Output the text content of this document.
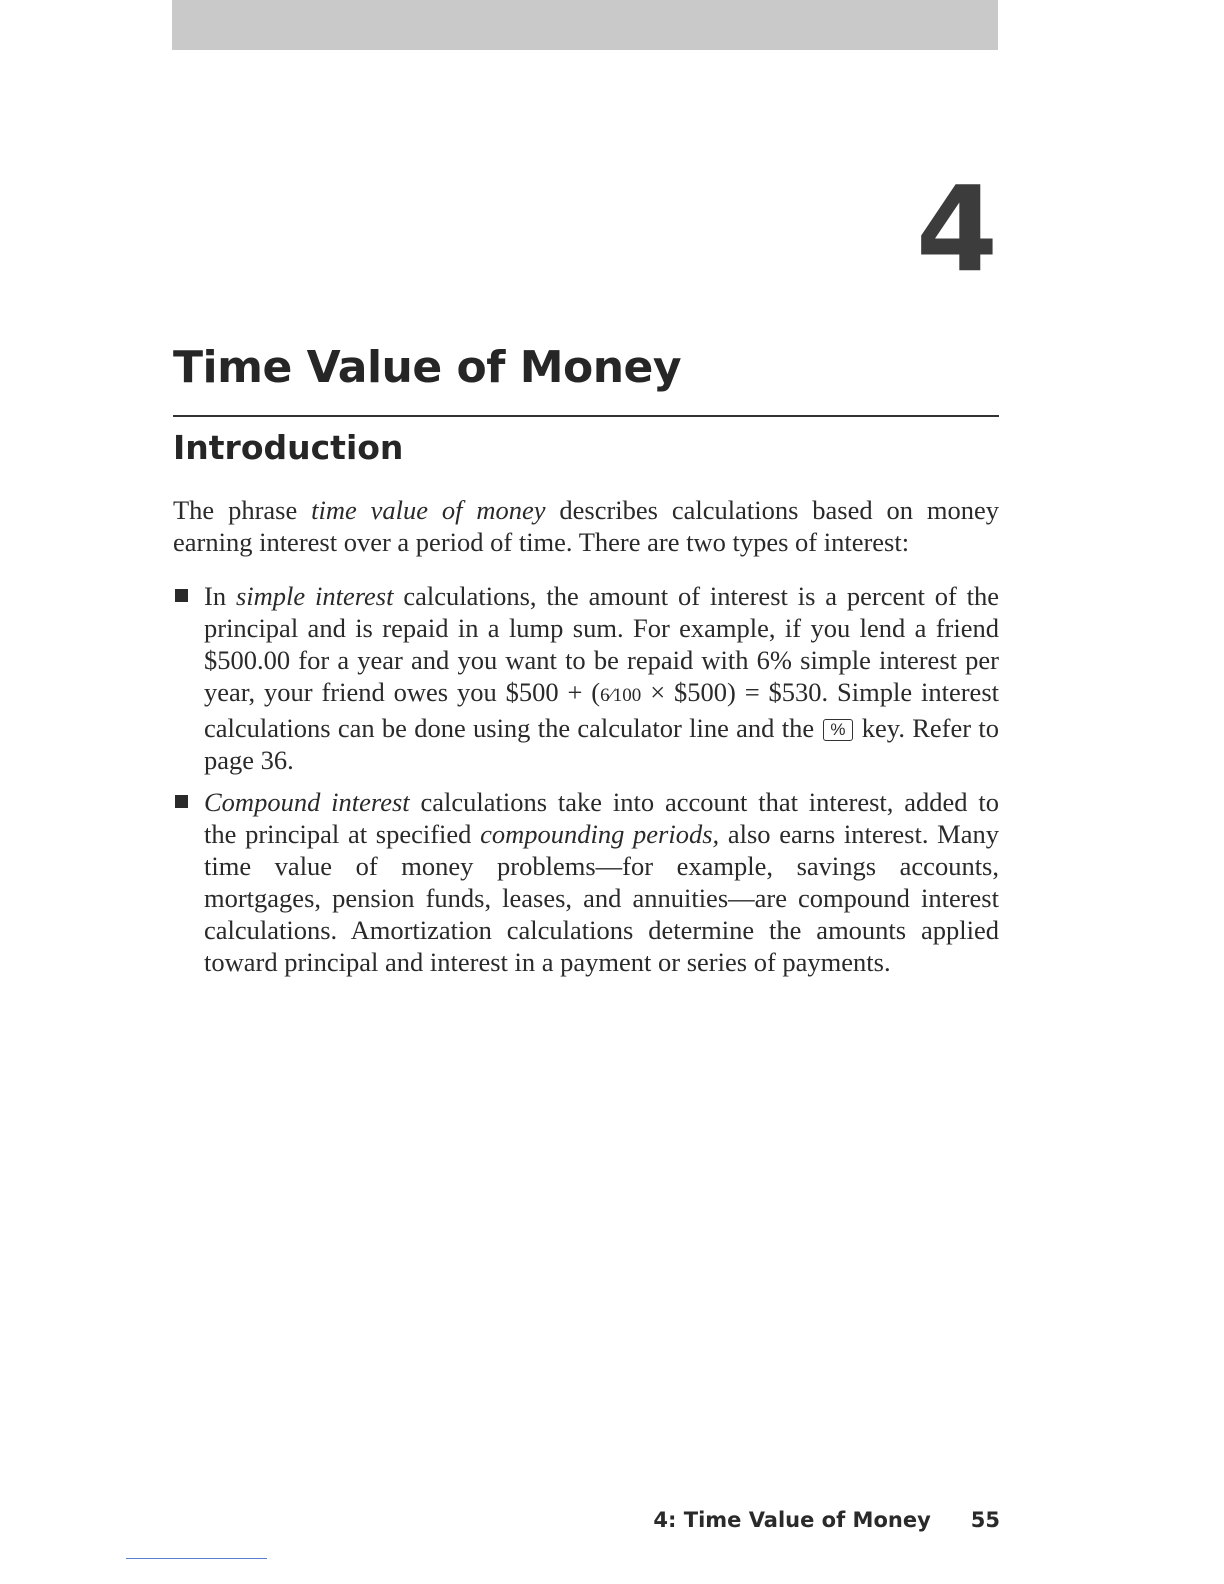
4
Time Value of Money
Introduction

The phrase time value of money describes calculations based on money earning interest over a period of time. There are two types of interest:

In simple interest calculations, the amount of interest is a percent of the principal and is repaid in a lump sum. For example, if you lend a friend $500.00 for a year and you want to be repaid with 6% simple interest per year, your friend owes you $500 + (6⁄100 × $500) = $530. Simple interest calculations can be done using the calculator line and the % key. Refer to page 36.
Compound interest calculations take into account that interest, added to the principal at specified compounding periods, also earns interest. Many time value of money problems—for example, savings accounts, mortgages, pension funds, leases, and annuities—are compound interest calculations. Amortization calculations determine the amounts applied toward principal and interest in a payment or series of payments.
4: Time Value of Money 55
